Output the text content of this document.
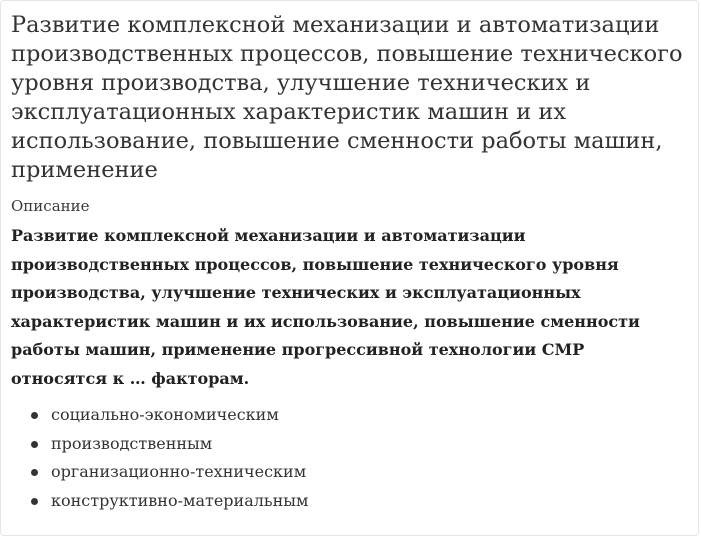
Развитие комплексной механизации и автоматизации производственных процессов, повышение технического уровня производства, улучшение технических и эксплуатационных характеристик машин и их использование, повышение сменности работы машин, применение
Описание

Развитие комплексной механизации и автоматизации производственных процессов, повышение технического уровня производства, улучшение технических и эксплуатационных характеристик машин и их использование, повышение сменности работы машин, применение прогрессивной технологии СМР относятся к … факторам.

социально-экономическим
производственным
организационно-техническим
конструктивно-материальным
